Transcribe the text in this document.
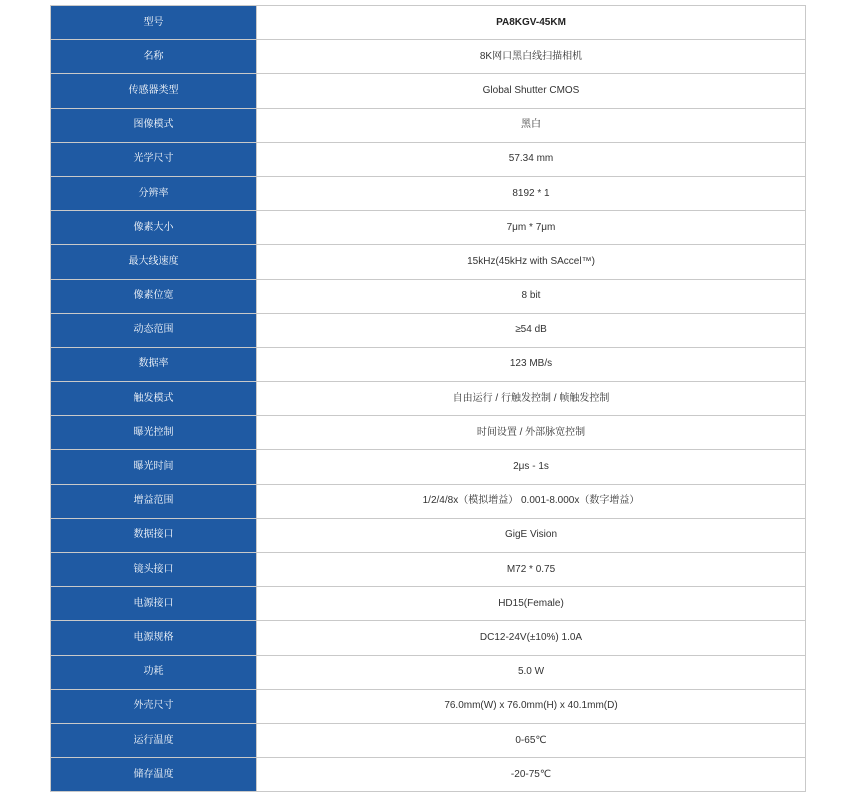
型号	PA8KGV-45KM
名称	8K网口黑白线扫描相机
传感器类型	Global Shutter CMOS
图像模式	黑白
光学尺寸	57.34 mm
分辨率	8192 * 1
像素大小	7μm * 7μm
最大线速度	15kHz(45kHz with SAccel™)
像素位宽	8 bit
动态范围	≥54 dB
数据率	123 MB/s
触发模式	自由运行 / 行触发控制 / 帧触发控制
曝光控制	时间设置 / 外部脉宽控制
曝光时间	2μs - 1s
增益范围	1/2/4/8x（模拟增益） 0.001-8.000x（数字增益）
数据接口	GigE Vision
镜头接口	M72 * 0.75
电源接口	HD15(Female)
电源规格	DC12-24V(±10%) 1.0A
功耗	5.0 W
外壳尺寸	76.0mm(W) x 76.0mm(H) x 40.1mm(D)
运行温度	0-65℃
储存温度	-20-75℃
